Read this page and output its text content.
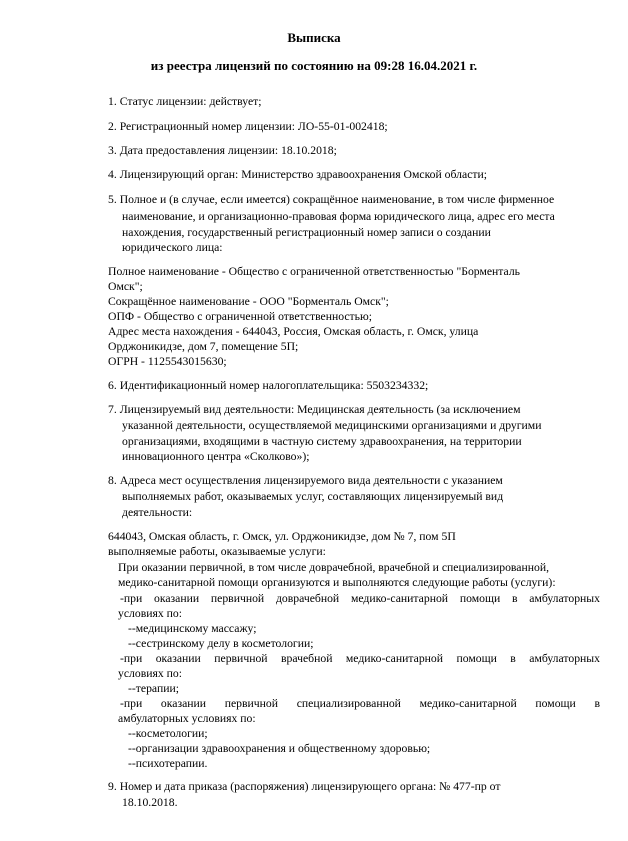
Выписка
из реестра лицензий по состоянию на 09:28 16.04.2021 г.

1. Статус лицензии: действует;

2. Регистрационный номер лицензии: ЛО-55-01-002418;

3. Дата предоставления лицензии: 18.10.2018;

4. Лицензирующий орган: Министерство здравоохранения Омской области;

5. Полное и (в случае, если имеется) сокращённое наименование, в том числе фирменное

наименование, и организационно-правовая форма юридического лица, адрес его места

нахождения, государственный регистрационный номер записи о создании

юридического лица:

Полное наименование - Общество с ограниченной ответственностью "Борменталь

Омск";

Сокращённое наименование - ООО "Борменталь Омск";

ОПФ - Общество с ограниченной ответственностью;

Адрес места нахождения - 644043, Россия, Омская область, г. Омск, улица

Орджоникидзе, дом 7, помещение 5П;

ОГРН - 1125543015630;

6. Идентификационный номер налогоплательщика: 5503234332;

7. Лицензируемый вид деятельности: Медицинская деятельность (за исключением

указанной деятельности, осуществляемой медицинскими организациями и другими

организациями, входящими в частную систему здравоохранения, на территории

инновационного центра «Сколково»);

8. Адреса мест осуществления лицензируемого вида деятельности с указанием

выполняемых работ, оказываемых услуг, составляющих лицензируемый вид

деятельности:

644043, Омская область, г. Омск, ул. Орджоникидзе, дом № 7, пом 5П

выполняемые работы, оказываемые услуги:

При оказании первичной, в том числе доврачебной, врачебной и специализированной,

медико-санитарной помощи организуются и выполняются следующие работы (услуги):

-при оказании первичной доврачебной медико-санитарной помощи в амбулаторных

условиях по:

--медицинскому массажу;

--сестринскому делу в косметологии;

-при оказании первичной врачебной медико-санитарной помощи в амбулаторных

условиях по:

--терапии;

-при оказании первичной специализированной медико-санитарной помощи в

амбулаторных условиях по:

--косметологии;

--организации здравоохранения и общественному здоровью;

--психотерапии.

9. Номер и дата приказа (распоряжения) лицензирующего органа: № 477-пр от

18.10.2018.
